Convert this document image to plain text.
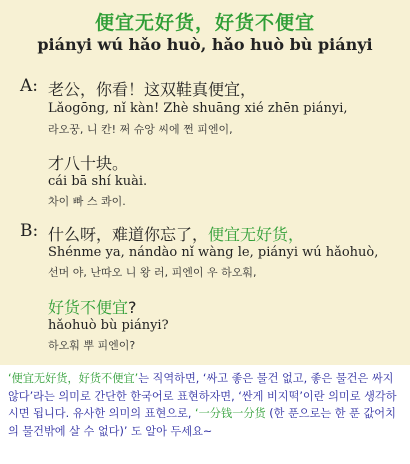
便宜无好货，好货不便宜
piányi wú hǎo huò, hǎo huò bù piányi
A: 老公，你看！这双鞋真便宜，
Lǎogōng, nǐ kàn! Zhè shuāng xié zhēn piányi,
라오꿍, 니 칸! 쩌 슈앙 씨에 쩐 피엔이,
才八十块。
cái bā shí kuài.
차이 빠 스 콰이.
B: 什么呀，难道你忘了，便宜无好货，
Shénme ya, nándào nǐ wàng le, piányi wú hǎohuò,
선머 야, 난따오 니 왕 러, 피엔이 우 하오훠,
好货不便宜?
hǎohuò bù piányi?
하오훠 뿌 피엔이?
‘便宜无好货，好货不便宜’는 직역하면, ‘싸고 좋은 물건 없고, 좋은 물건은 싸지 않다’라는 의미로 간단한 한국어로 표현하자면, ‘싼게 비지떡’이란 의미로 생각하시면 됩니다. 유사한 의미의 표현으로, ‘一分钱一分货 (한 푼으로는 한 푼 값어치의 물건밖에 살 수 없다)’ 도 알아 두세요~
